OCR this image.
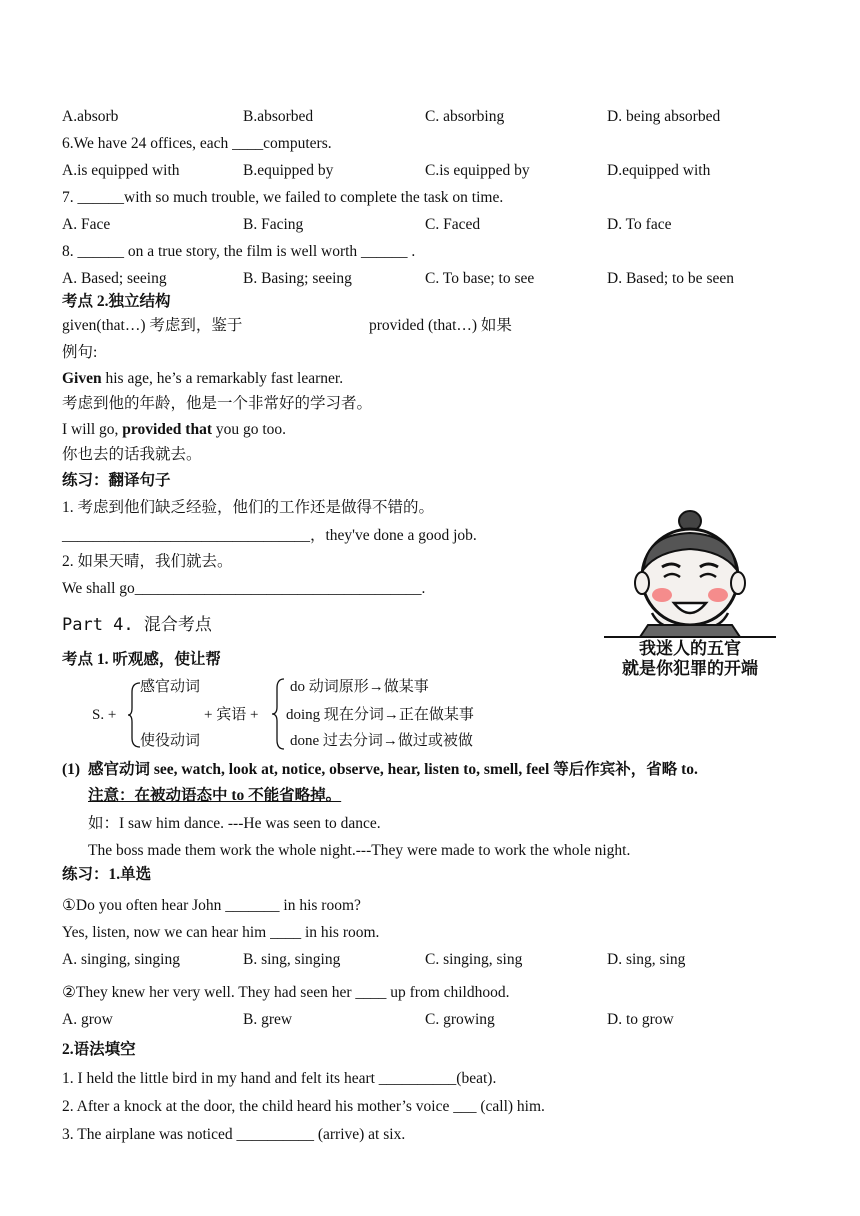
A.absorb	B.absorbed	C. absorbing	D. being absorbed
6.We have 24 offices, each ____computers.
A.is equipped with	B.equipped by	C.is equipped by	D.equipped with
7. ______with so much trouble, we failed to complete the task on time.
A. Face	B. Facing	C. Faced	D. To face
8. ______ on a true story, the film is well worth ______ .
A. Based; seeing	B. Basing; seeing	C. To base; to see	D. Based; to be seen
考点 2.独立结构
given(that…) 考虑到，鉴于	provided (that…) 如果
例句:
Given his age, he’s a remarkably fast learner.
考虑到他的年龄，他是一个非常好的学习者。
I will go, provided that you go too.
你也去的话我就去。
练习：翻译句子
1. 考虑到他们缺乏经验，他们的工作还是做得不错的。
________________________________，they've done a good job.
2. 如果天晴，我们就去。
We shall go_____________________________________.
我迷人的五官
就是你犯罪的开端
Part 4. 混合考点
考点 1. 听观感，使让帮
感官动词
使役动词
S. +	+ 宾语 +
do 动词原形→做某事
doing 现在分词→正在做某事
done 过去分词→做过或被做
(1) 感官动词 see, watch, look at, notice, observe, hear, listen to, smell, feel 等后作宾补，省略 to.
注意：在被动语态中 to 不能省略掉。
如：I saw him dance. ---He was seen to dance.
The boss made them work the whole night.---They were made to work the whole night.
练习：1.单选
①Do you often hear John _______ in his room?
Yes, listen, now we can hear him ____ in his room.
A. singing, singing	B. sing, singing	C. singing, sing	D. sing, sing
②They knew her very well. They had seen her ____ up from childhood.
A. grow	B. grew	C. growing	D. to grow
2.语法填空
1. I held the little bird in my hand and felt its heart __________(beat).
2. After a knock at the door, the child heard his mother’s voice ___ (call) him.
3. The airplane was noticed __________ (arrive) at six.
